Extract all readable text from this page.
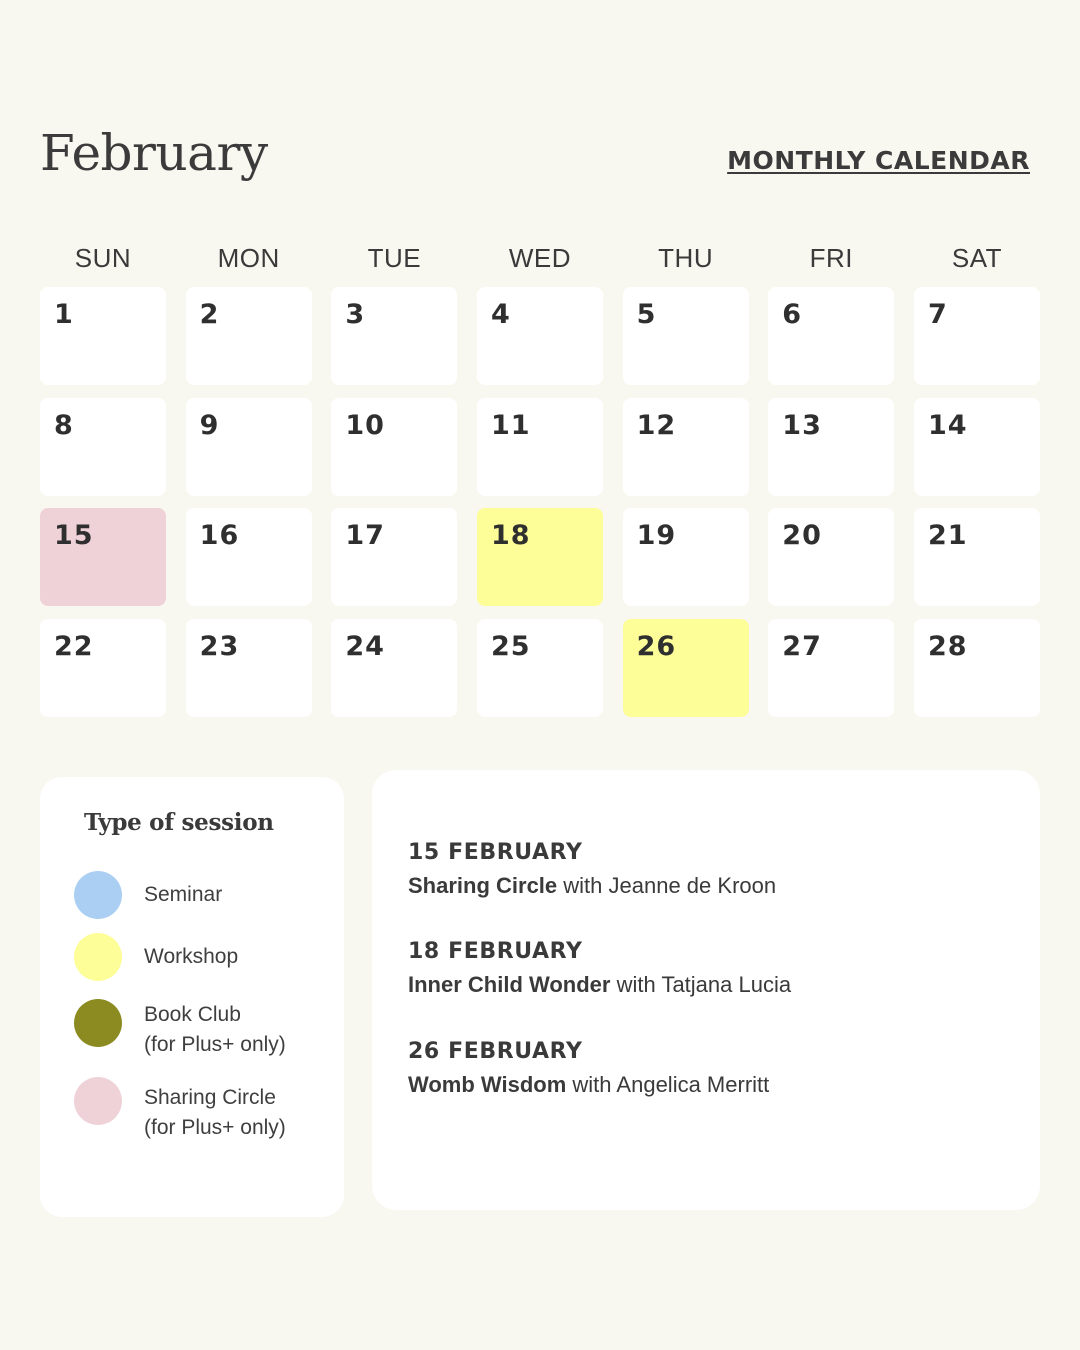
February	MONTHLY CALENDAR
SUN	MON	TUE	WED	THU	FRI	SAT
1	2	3	4	5	6	7
8	9	10	11	12	13	14
15	16	17	18	19	20	21
22	23	24	25	26	27	28
Type of session
Seminar
Workshop
Book Club
(for Plus+ only)
Sharing Circle
(for Plus+ only)
15 FEBRUARY
Sharing Circle with Jeanne de Kroon
18 FEBRUARY
Inner Child Wonder with Tatjana Lucia
26 FEBRUARY
Womb Wisdom with Angelica Merritt
